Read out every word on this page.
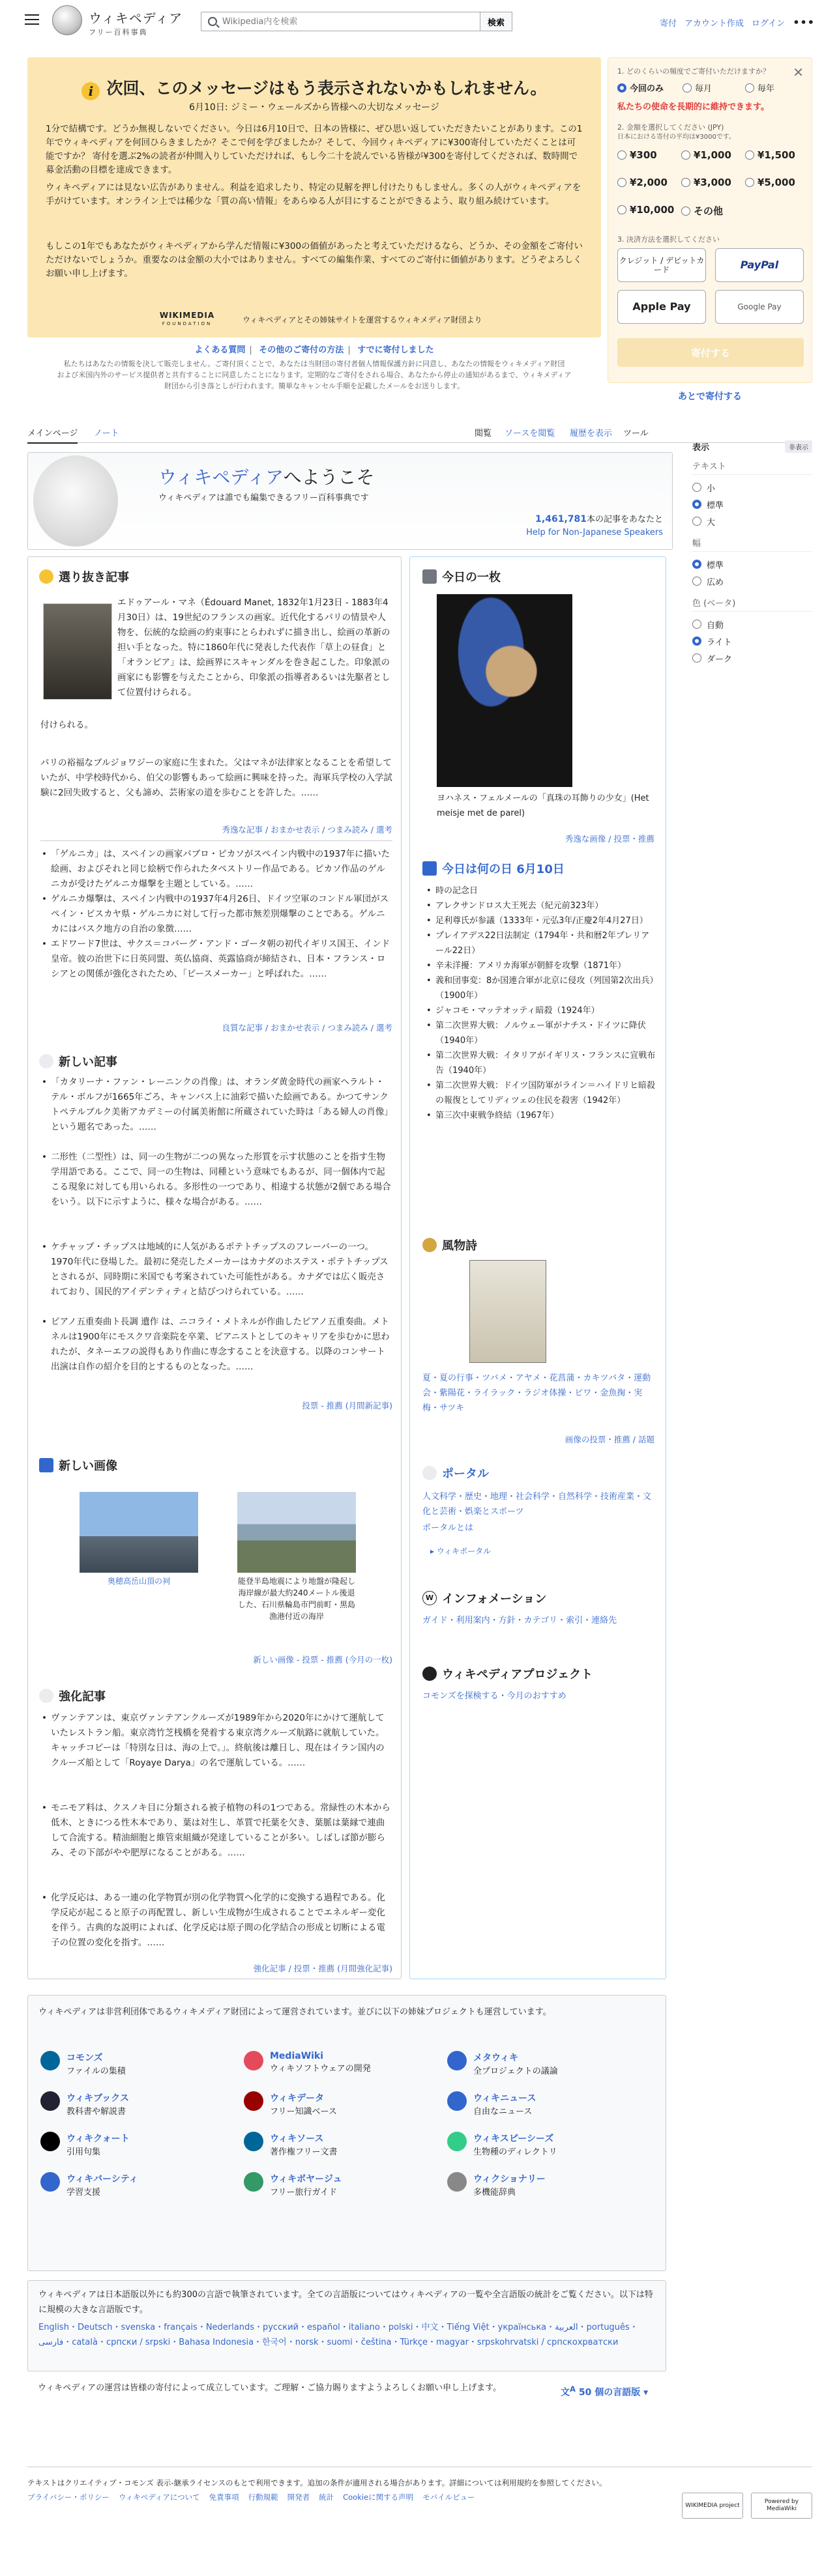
ウィキペディア
フリー百科事典
Wikipedia内を検索
検索	寄付 アカウント作成 ログイン •••
i 次回、このメッセージはもう表示されないかもしれません。
6月10日: ジミー・ウェールズから皆様への大切なメッセージ
1分で結構です。どうか無視しないでください。今日は6月10日で、日本の皆様に、ぜひ思い返していただきたいことがあります。この1年でウィキペディアを何回ひらきましたか？そこで何を学びましたか？そして、今回ウィキペディアに¥300寄付していただくことは可能ですか？ 寄付を選ぶ2%の読者が仲間入りしていただければ、もし今二十を読んでいる皆様が¥300を寄付してくだされば、数時間で募金活動の目標を達成できます。
ウィキペディアには見ない広告がありません。利益を追求したり、特定の見解を押し付けたりもしません。多くの人がウィキペディアを手がけています。オンライン上では稀少な「質の高い情報」をあらゆる人が目にすることができるよう、取り組み続けています。
もしこの1年でもあなたがウィキペディアから学んだ情報に¥300の価値があったと考えていただけるなら、どうか、その金額をご寄付いただけないでしょうか。重要なのは金額の大小ではありません。すべての編集作業、すべてのご寄付に価値があります。どうぞよろしくお願い申し上げます。
WIKIMEDIA
FOUNDATION	ウィキペディアとその姉妹サイトを運営するウィキメディア財団より
よくある質問 | その他のご寄付の方法 | すでに寄付しました
私たちはあなたの情報を決して販売しません。ご寄付頂くことで、あなたは当財団の寄付者個人情報保護方針に同意し、あなたの情報をウィキメディア財団
および米国内外のサービス提供者と共有することに同意したことになります。定期的なご寄付をされる場合、あなたから停止の通知があるまで、ウィキメディア
財団から引き落としが行われます。簡単なキャンセル手順を記載したメールをお送りします。
✕
1. どのくらいの頻度でご寄付いただけますか？
今回のみ	毎月	毎年
私たちの使命を長期的に維持できます。
2. 金額を選択してください (JPY)
日本における寄付の平均は¥3000です。
¥300	¥1,000	¥1,500
¥2,000	¥3,000	¥5,000
¥10,000 その他
3. 決済方法を選択してください
クレジット / デビットカード	PayPal
Apple Pay	Google Pay
寄付する
あとで寄付する
メインページ ノート	閲覧 ソースを閲覧 履歴を表示 ツール
ウィキペディアへようこそ
ウィキペディアは誰でも編集できるフリー百科事典です
1,461,781本の記事をあなたと
Help for Non-Japanese Speakers
表示	非表示
テキスト
小
標準
大
幅
標準
広め
色 (ベータ)
自動
ライト
ダーク
選り抜き記事
エドゥアール・マネ（Édouard Manet, 1832年1月23日 - 1883年4月30日）は、19世紀のフランスの画家。近代化するパリの情景や人物を、伝統的な絵画の約束事にとらわれずに描き出し、絵画の革新の担い手となった。特に1860年代に発表した代表作「草上の昼食」と「オランピア」は、絵画界にスキャンダルを巻き起こした。印象派の画家にも影響を与えたことから、印象派の指導者あるいは先駆者として位置付けられる。
付けられる。
パリの裕福なブルジョワジーの家庭に生まれた。父はマネが法律家となることを希望していたが、中学校時代から、伯父の影響もあって絵画に興味を持った。海軍兵学校の入学試験に2回失敗すると、父も諦め、芸術家の道を歩むことを許した。……
秀逸な記事 / おまかせ表示 / つまみ読み / 選考
• 「ゲルニカ」は、スペインの画家パブロ・ピカソがスペイン内戦中の1937年に描いた絵画、およびそれと同じ絵柄で作られたタペストリー作品である。ピカソ作品のゲルニカが受けたゲルニカ爆撃を主題としている。……
• ゲルニカ爆撃は、スペイン内戦中の1937年4月26日、ドイツ空軍のコンドル軍団がスペイン・ビスカヤ県・ゲルニカに対して行った都市無差別爆撃のことである。ゲルニカにはバスク地方の自治の象徴……
• エドワード7世は、サクス＝コバーグ・アンド・ゴータ朝の初代イギリス国王、インド皇帝。彼の治世下に日英同盟、英仏協商、英露協商が締結され、日本・フランス・ロシアとの関係が強化されたため、「ピースメーカー」と呼ばれた。……
良質な記事 / おまかせ表示 / つまみ読み / 選考
新しい記事
• 「カタリーナ・ファン・レーニンクの肖像」は、オランダ黄金時代の画家ヘラルト・テル・ボルフが1665年ごろ、キャンバス上に油彩で描いた絵画である。かつてサンクトペテルブルク美術アカデミーの付属美術館に所蔵されていた時は「ある婦人の肖像」という題名であった。……
• 二形性（二型性）は、同一の生物が二つの異なった形質を示す状態のことを指す生物学用語である。ここで、同一の生物は、同種という意味でもあるが、同一個体内で起こる現象に対しても用いられる。多形性の一つであり、相違する状態が2個である場合をいう。以下に示すように、様々な場合がある。……
• ケチャップ・チップスは地域的に人気があるポテトチップスのフレーバーの一つ。1970年代に登場した。最初に発売したメーカーはカナダのホステス・ポテトチップスとされるが、同時期に米国でも考案されていた可能性がある。カナダでは広く販売されており、国民的アイデンティティと結びつけられている。……
• ピアノ五重奏曲ト長調 遺作 は、ニコライ・メトネルが作曲したピアノ五重奏曲。メトネルは1900年にモスクワ音楽院を卒業、ピアニストとしてのキャリアを歩むかに思われたが、タネーエフの説得もあり作曲に専念することを決意する。以降のコンサート出演は自作の紹介を目的とするものとなった。……
投票 - 推薦 (月間新記事)
新しい画像
奥穂高岳山頂の祠	能登半島地震により地盤が隆起し海岸線が最大約240メートル後退した、石川県輪島市門前町・黒島漁港付近の海岸
新しい画像 - 投票 - 推薦 (今月の一枚)
強化記事
• ヴァンテアンは、東京ヴァンテアンクルーズが1989年から2020年にかけて運航していたレストラン船。東京湾竹芝桟橋を発着する東京湾クルーズ航路に就航していた。キャッチコピーは「特別な日は、海の上で。」。終航後は離日し、現在はイラン国内のクルーズ船として「Royaye Darya」の名で運航している。……
• モニモア料は、クスノキ目に分類される被子植物の科の1つである。常緑性の木本から低木、ときにつる性木本であり、葉は対生し、革質で托葉を欠き、葉脈は葉縁で連曲して合流する。精油細胞と維管束組織が発達していることが多い。しばしば節が膨らみ、その下部がやや肥厚になることがある。……
• 化学反応は、ある一連の化学物質が別の化学物質へ化学的に変換する過程である。化学反応が起こると原子の再配置し、新しい生成物が生成されることでエネルギー変化を伴う。古典的な説明によれば、化学反応は原子間の化学結合の形成と切断による電子の位置の変化を指す。……
強化記事 / 投票・推薦 (月間強化記事)
今日の一枚
ヨハネス・フェルメールの「真珠の耳飾りの少女」(Het meisje met de parel)
秀逸な画像 / 投票・推薦
今日は何の日 6月10日
• 時の記念日
• アレクサンドロス大王死去（紀元前323年）
• 足利尊氏が参議（1333年・元弘3年/正慶2年4月27日）
• プレイアデス22日法制定（1794年・共和暦2年プレリアール22日）
• 辛未洋擾：アメリカ海軍が朝鮮を攻撃（1871年）
• 義和団事変：8か国連合軍が北京に侵攻（列国第2次出兵）（1900年）
• ジャコモ・マッテオッティ暗殺（1924年）
• 第二次世界大戦：ノルウェー軍がナチス・ドイツに降伏（1940年）
• 第二次世界大戦：イタリアがイギリス・フランスに宣戦布告（1940年）
• 第二次世界大戦：ドイツ国防軍がライン＝ハイドリヒ暗殺の報復としてリディツェの住民を殺害（1942年）
• 第三次中東戦争終結（1967年）
風物詩
夏・夏の行事・ツバメ・アヤメ・花菖蒲・カキツバタ・運動会・紫陽花・ライラック・ラジオ体操・ビワ・金魚掬・実梅・サツキ
画像の投票・推薦 / 話題
ポータル
人文科学・歴史・地理・社会科学・自然科学・技術産業・文化と芸術・娯楽とスポーツ
ポータルとは
▸ ウィキポータル
W インフォメーション
ガイド・利用案内・方針・カテゴリ・索引・連絡先
ウィキペディアプロジェクト
コモンズを探検する・今月のおすすめ
ウィキペディアは非営利団体であるウィキメディア財団によって運営されています。並びに以下の姉妹プロジェクトも運営しています。
コモンズ
ファイルの集積
MediaWiki
ウィキソフトウェアの開発
メタウィキ
全プロジェクトの議論
ウィキブックス
教科書や解説書
ウィキデータ
フリー知識ベース
ウィキニュース
自由なニュース
ウィキクォート
引用句集
ウィキソース
著作権フリー文書
ウィキスピーシーズ
生物種のディレクトリ
ウィキバーシティ
学習支援
ウィキボヤージュ
フリー旅行ガイド
ウィクショナリー
多機能辞典
ウィキペディアは日本語版以外にも約300の言語で執筆されています。全ての言語版についてはウィキペディアの一覧や全言語版の統計をご覧ください。以下は特に規模の大きな言語版です。
English・Deutsch・svenska・français・Nederlands・русский・español・italiano・polski・中文・Tiếng Việt・українська・العربية・português・فارسی・català・српски / srpski・Bahasa Indonesia・한국어・norsk・suomi・čeština・Türkçe・magyar・srpskohrvatski / српскохрватски
ウィキペディアの運営は皆様の寄付によって成立しています。ご理解・ご協力賜りますようよろしくお願い申し上げます。	文$^A$ 50 個の言語版 ▾
テキストはクリエイティブ・コモンズ 表示-継承ライセンスのもとで利用できます。追加の条件が適用される場合があります。詳細については利用規約を参照してください。
プライバシー・ポリシー ウィキペディアについて 免責事項 行動規範 開発者 統計 Cookieに関する声明 モバイルビュー
WIKIMEDIA project
Powered by MediaWiki
